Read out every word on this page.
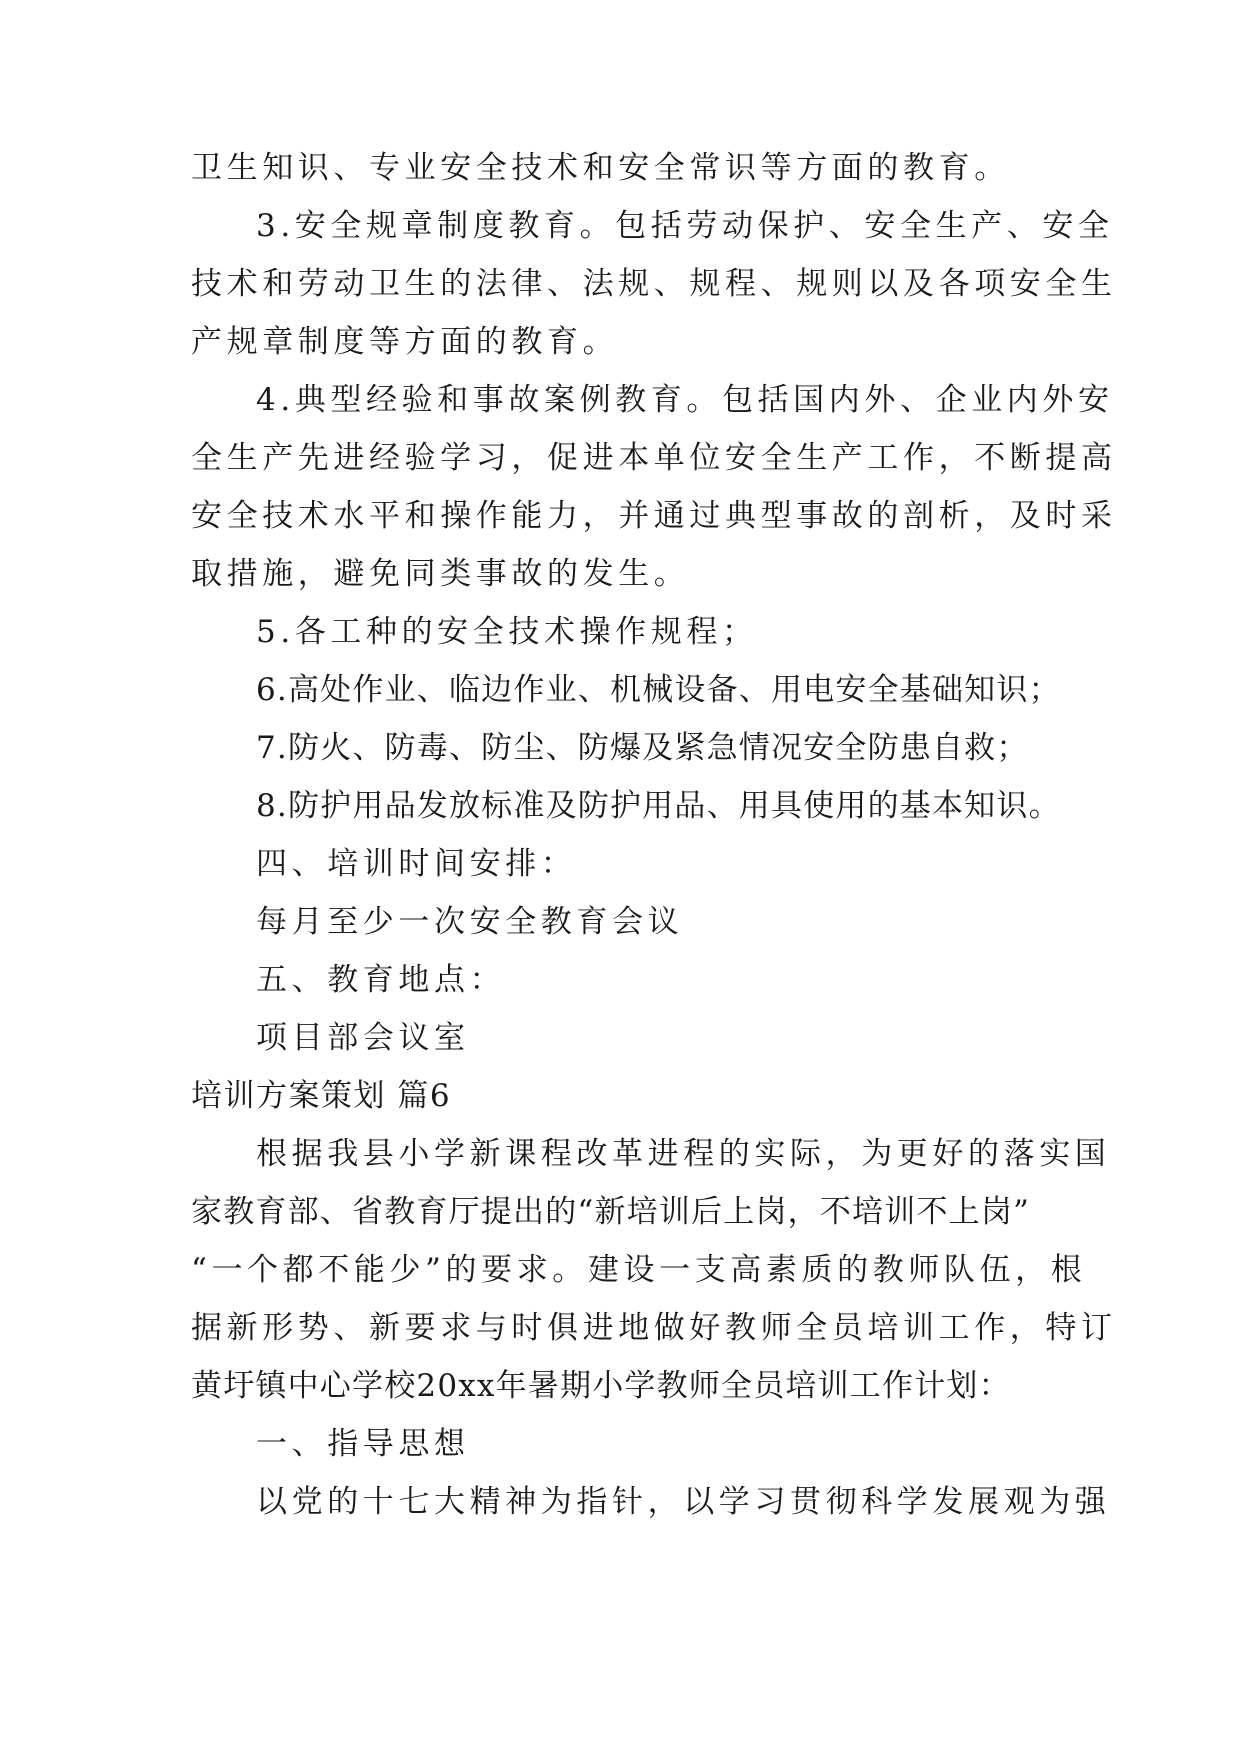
卫生知识、专业安全技术和安全常识等方面的教育。
3.安全规章制度教育。包括劳动保护、安全生产、安全
技术和劳动卫生的法律、法规、规程、规则以及各项安全生
产规章制度等方面的教育。
4.典型经验和事故案例教育。包括国内外、企业内外安
全生产先进经验学习，促进本单位安全生产工作，不断提高
安全技术水平和操作能力，并通过典型事故的剖析，及时采
取措施，避免同类事故的发生。
5.各工种的安全技术操作规程；
6.高处作业、临边作业、机械设备、用电安全基础知识；
7.防火、防毒、防尘、防爆及紧急情况安全防患自救；
8.防护用品发放标准及防护用品、用具使用的基本知识。
四、培训时间安排：
每月至少一次安全教育会议
五、教育地点：
项目部会议室
培训方案策划 篇6
根据我县小学新课程改革进程的实际，为更好的落实国
家教育部、省教育厅提出的“新培训后上岗，不培训不上岗”
“一个都不能少”的要求。建设一支高素质的教师队伍，根
据新形势、新要求与时俱进地做好教师全员培训工作，特订
黄圩镇中心学校20xx年暑期小学教师全员培训工作计划：
一、指导思想
以党的十七大精神为指针，以学习贯彻科学发展观为强
